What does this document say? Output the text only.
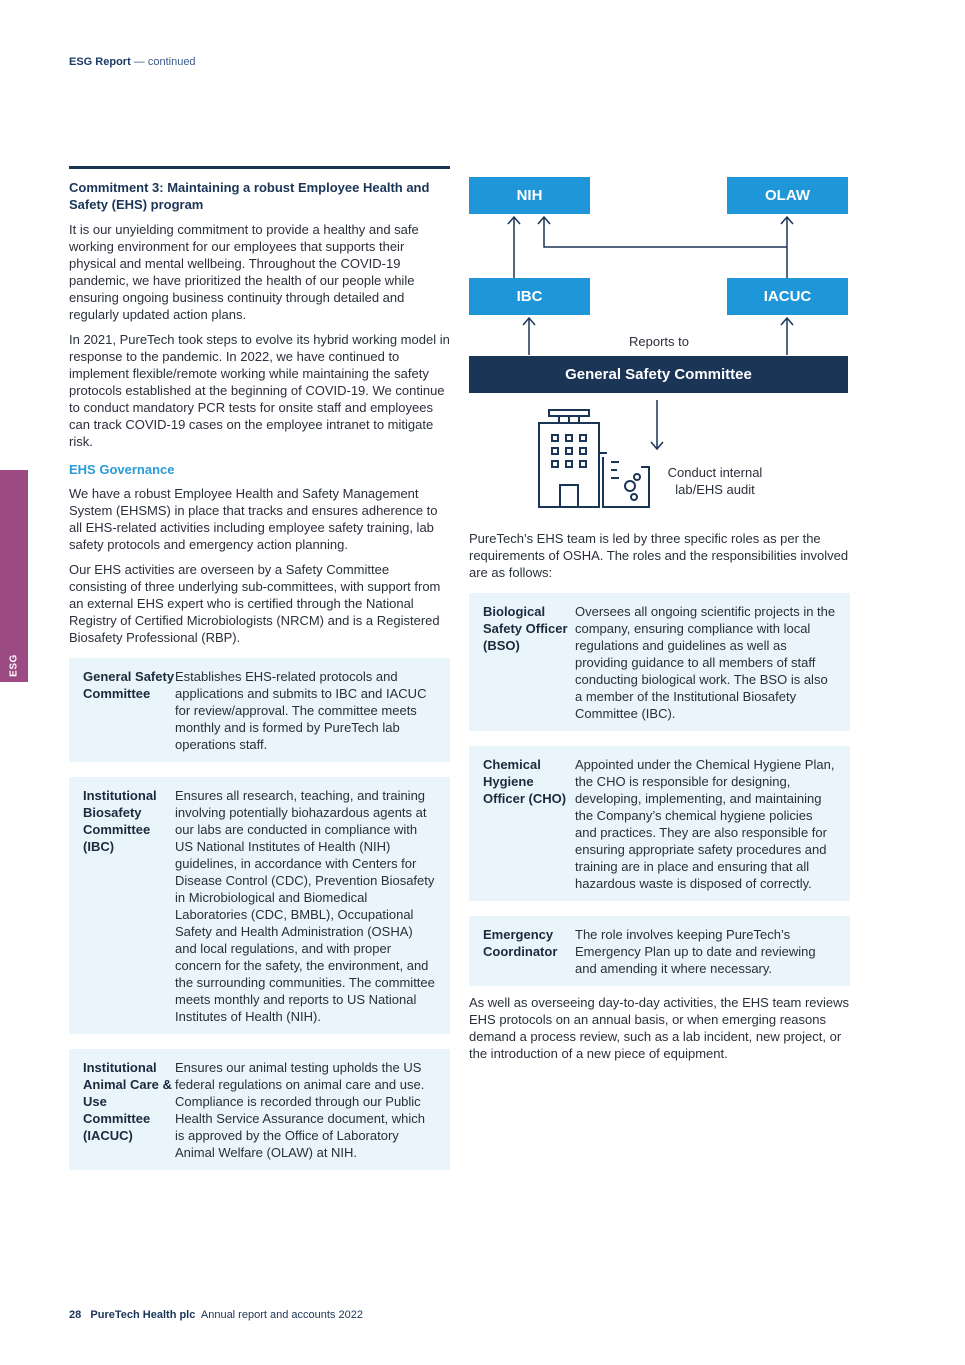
ESG Report — continued
ESG
Commitment 3: Maintaining a robust Employee Health and Safety (EHS) program

It is our unyielding commitment to provide a healthy and safe working environment for our employees that supports their physical and mental wellbeing. Throughout the COVID-19 pandemic, we have prioritized the health of our people while ensuring ongoing business continuity through detailed and regularly updated action plans.

In 2021, PureTech took steps to evolve its hybrid working model in response to the pandemic. In 2022, we have continued to implement flexible/remote working while maintaining the safety protocols established at the beginning of COVID-19. We continue to conduct mandatory PCR tests for onsite staff and employees can track COVID-19 cases on the employee intranet to mitigate risk.

EHS Governance

We have a robust Employee Health and Safety Management System (EHSMS) in place that tracks and ensures adherence to all EHS-related activities including employee safety training, lab safety protocols and emergency action planning.

Our EHS activities are overseen by a Safety Committee consisting of three underlying sub-committees, with support from an external EHS expert who is certified through the National Registry of Certified Microbiologists (NRCM) and is a Registered Biosafety Professional (RBP).

General Safety Committee
Establishes EHS-related protocols and applications and submits to IBC and IACUC for review/approval. The committee meets monthly and is formed by PureTech lab operations staff.
Institutional Biosafety Committee (IBC)
Ensures all research, teaching, and training involving potentially biohazardous agents at our labs are conducted in compliance with US National Institutes of Health (NIH) guidelines, in accordance with Centers for Disease Control (CDC), Prevention Biosafety in Microbiological and Biomedical Laboratories (CDC, BMBL), Occupational Safety and Health Administration (OSHA) and local regulations, and with proper concern for the safety, the environment, and the surrounding communities. The committee meets monthly and reports to US National Institutes of Health (NIH).
Institutional Animal Care & Use Committee (IACUC)
Ensures our animal testing upholds the US federal regulations on animal care and use. Compliance is recorded through our Public Health Service Assurance document, which is approved by the Office of Laboratory Animal Welfare (OLAW) at NIH.
NIH	OLAW
IBC	IACUC
Reports to
General Safety Committee
Conduct internal
lab/EHS audit

PureTech’s EHS team is led by three specific roles as per the requirements of OSHA. The roles and the responsibilities involved are as follows:

Biological Safety Officer (BSO)
Oversees all ongoing scientific projects in the company, ensuring compliance with local regulations and guidelines as well as providing guidance to all members of staff conducting biological work. The BSO is also a member of the Institutional Biosafety Committee (IBC).
Chemical Hygiene Officer (CHO)
Appointed under the Chemical Hygiene Plan, the CHO is responsible for designing, developing, implementing, and maintaining the Company’s chemical hygiene policies and practices. They are also responsible for ensuring appropriate safety procedures and training are in place and ensuring that all hazardous waste is disposed of correctly.
Emergency Coordinator
The role involves keeping PureTech’s Emergency Plan up to date and reviewing and amending it where necessary.

As well as overseeing day-to-day activities, the EHS team reviews EHS protocols on an annual basis, or when emerging reasons demand a process review, such as a lab incident, new project, or the introduction of a new piece of equipment.

28 PureTech Health plc Annual report and accounts 2022
